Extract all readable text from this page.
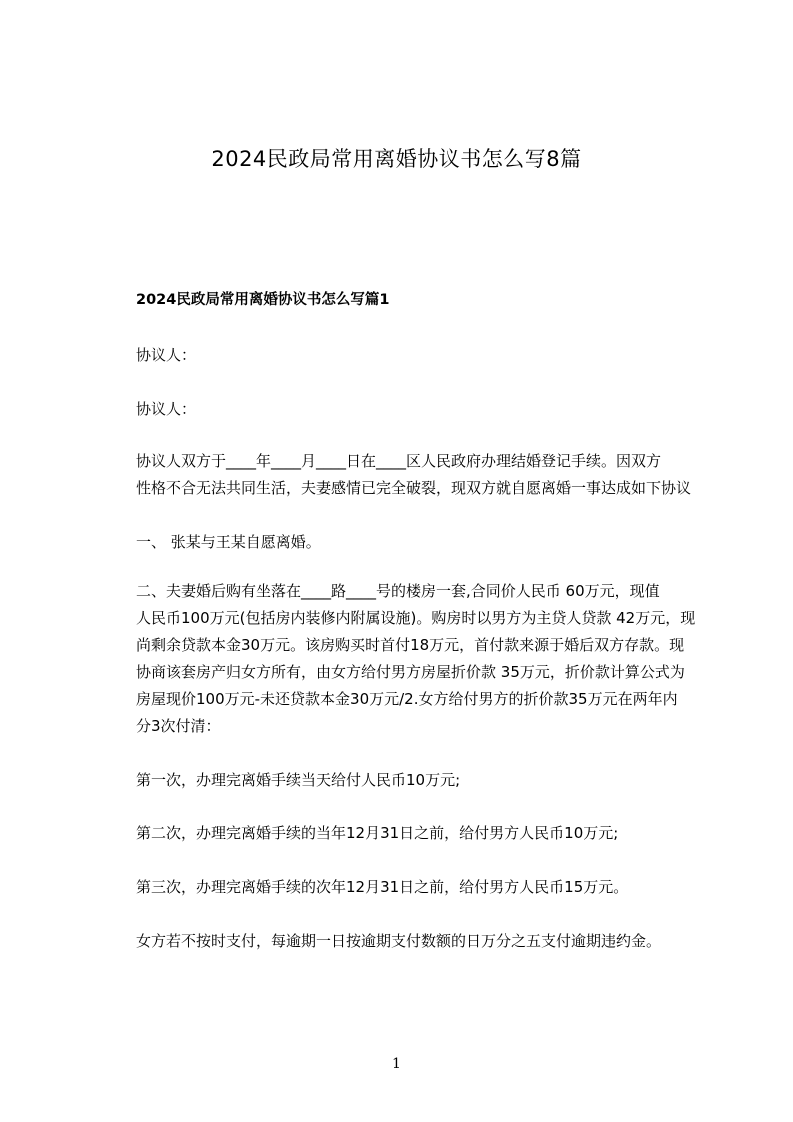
2024民政局常用离婚协议书怎么写8篇
2024民政局常用离婚协议书怎么写篇1
协议人：
协议人：
协议人双方于____年____月____日在____区人民政府办理结婚登记手续。因双方
性格不合无法共同生活，夫妻感情已完全破裂，现双方就自愿离婚一事达成如下协议
一、 张某与王某自愿离婚。
二、夫妻婚后购有坐落在____路____号的楼房一套,合同价人民币 60万元，现值
人民币100万元(包括房内装修内附属设施)。购房时以男方为主贷人贷款 42万元，现
尚剩余贷款本金30万元。该房购买时首付18万元，首付款来源于婚后双方存款。现
协商该套房产归女方所有，由女方给付男方房屋折价款 35万元，折价款计算公式为
房屋现价100万元-未还贷款本金30万元/2.女方给付男方的折价款35万元在两年内
分3次付清：
第一次，办理完离婚手续当天给付人民币10万元;
第二次，办理完离婚手续的当年12月31日之前，给付男方人民币10万元;
第三次，办理完离婚手续的次年12月31日之前，给付男方人民币15万元。
女方若不按时支付，每逾期一日按逾期支付数额的日万分之五支付逾期违约金。
1
